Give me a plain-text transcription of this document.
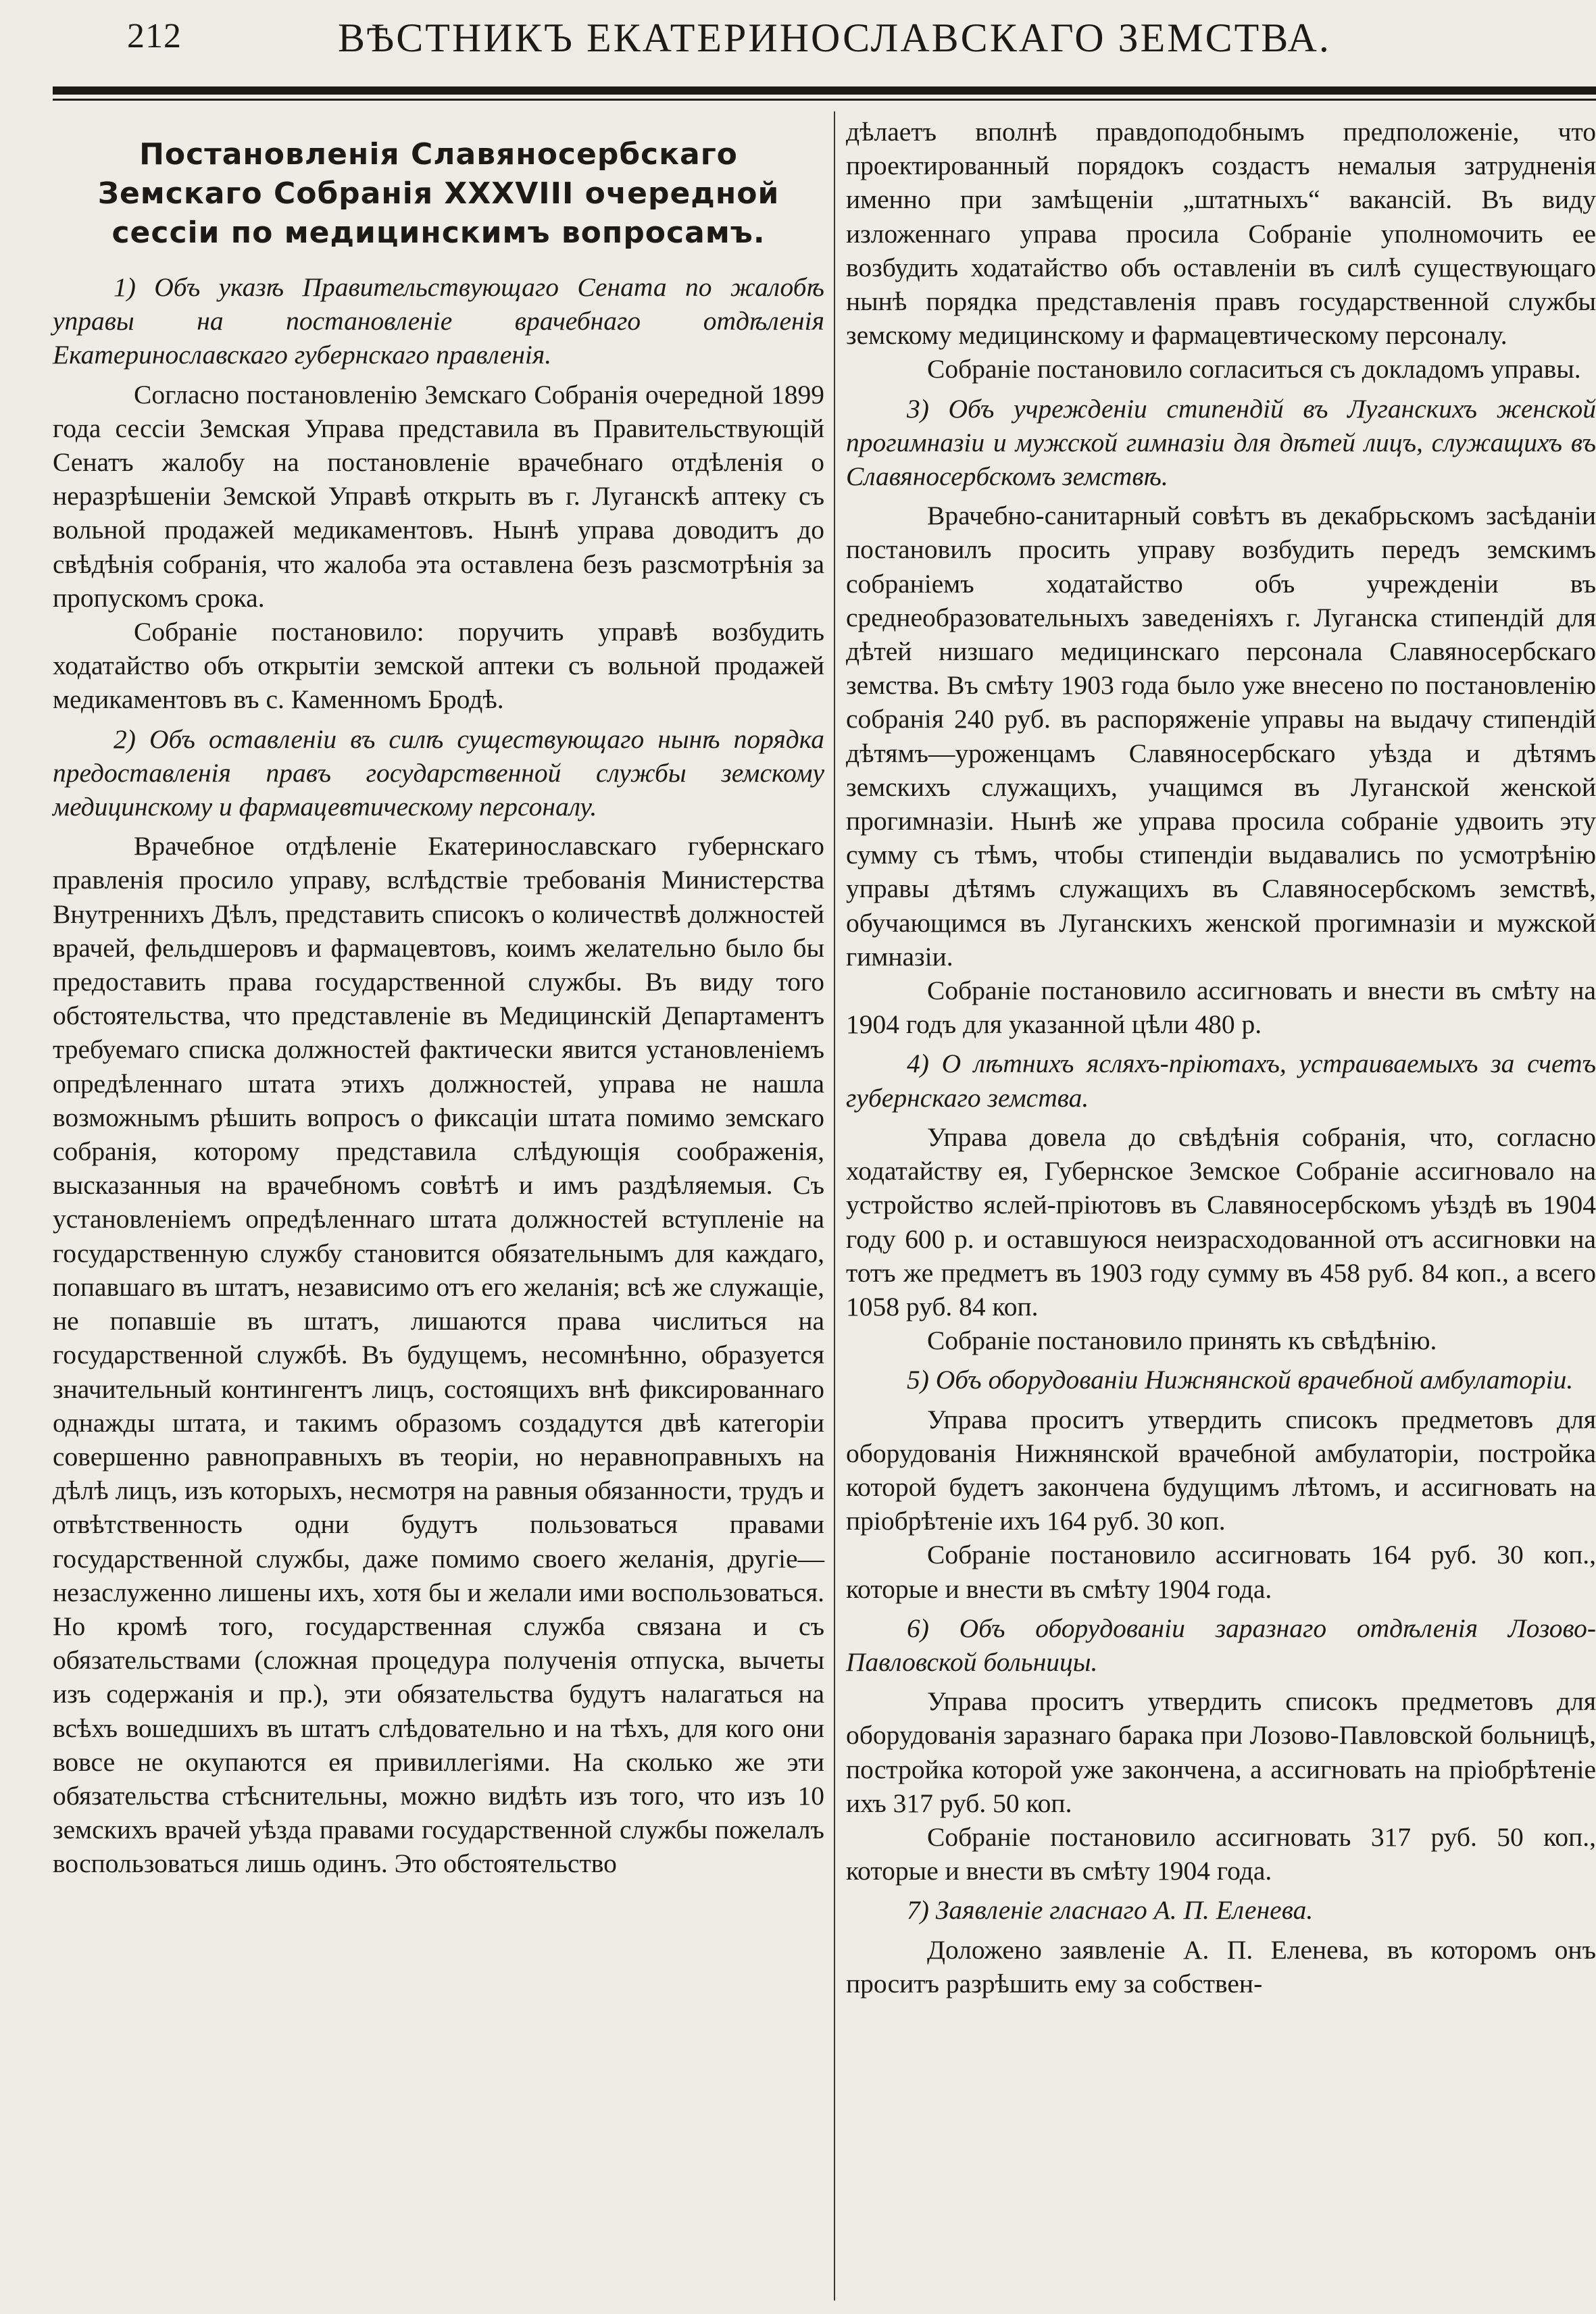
212	ВѢСТНИКЪ ЕКАТЕРИНОСЛАВСКАГО ЗЕМСТВА.
Постановленія Славяносербскаго Земскаго Собранія XXXVIII очередной сессіи по медицинскимъ вопросамъ.

1) Объ указѣ Правительствующаго Сената по жалобѣ управы на постановленіе врачебнаго отдѣленія Екатеринославскаго губернскаго правленія.

Согласно постановленію Земскаго Собранія очередной 1899 года сессіи Земская Управа представила въ Правительствующій Сенатъ жалобу на постановленіе врачебнаго отдѣленія о неразрѣшеніи Земской Управѣ открыть въ г. Луганскѣ аптеку съ вольной продажей медикаментовъ. Нынѣ управа доводитъ до свѣдѣнія собранія, что жалоба эта оставлена безъ разсмотрѣнія за пропускомъ срока.

Собраніе постановило: поручить управѣ возбудить ходатайство объ открытіи земской аптеки съ вольной продажей медикаментовъ въ с. Каменномъ Бродѣ.

2) Объ оставленіи въ силѣ существующаго нынѣ порядка предоставленія правъ государственной службы земскому медицинскому и фармацевтическому персоналу.

Врачебное отдѣленіе Екатеринославскаго губернскаго правленія просило управу, вслѣдствіе требованія Министерства Внутреннихъ Дѣлъ, представить списокъ о количествѣ должностей врачей, фельдшеровъ и фармацевтовъ, коимъ желательно было бы предоставить права государственной службы. Въ виду того обстоятельства, что представленіе въ Медицинскій Департаментъ требуемаго списка должностей фактически явится установленіемъ опредѣленнаго штата этихъ должностей, управа не нашла возможнымъ рѣшить вопросъ о фиксаціи штата помимо земскаго собранія, которому представила слѣдующія соображенія, высказанныя на врачебномъ совѣтѣ и имъ раздѣляемыя. Съ установленіемъ опредѣленнаго штата должностей вступленіе на государственную службу становится обязательнымъ для каждаго, попавшаго въ штатъ, независимо отъ его желанія; всѣ же служащіе, не попавшіе въ штатъ, лишаются права числиться на государственной службѣ. Въ будущемъ, несомнѣнно, образуется значительный контингентъ лицъ, состоящихъ внѣ фиксированнаго однажды штата, и такимъ образомъ создадутся двѣ категоріи совершенно равноправныхъ въ теоріи, но неравноправныхъ на дѣлѣ лицъ, изъ которыхъ, несмотря на равныя обязанности, трудъ и отвѣтственность одни будутъ пользоваться правами государственной службы, даже помимо своего желанія, другіе—незаслуженно лишены ихъ, хотя бы и желали ими воспользоваться. Но кромѣ того, государственная служба связана и съ обязательствами (сложная процедура полученія отпуска, вычеты изъ содержанія и пр.), эти обязательства будутъ налагаться на всѣхъ вошедшихъ въ штатъ слѣдовательно и на тѣхъ, для кого они вовсе не окупаются ея привиллегіями. На сколько же эти обязательства стѣснительны, можно видѣть изъ того, что изъ 10 земскихъ врачей уѣзда правами государственной службы пожелалъ воспользоваться лишь одинъ. Это обстоятельство

дѣлаетъ вполнѣ правдоподобнымъ предположеніе, что проектированный порядокъ создастъ немалыя затрудненія именно при замѣщеніи „штатныхъ“ вакансій. Въ виду изложеннаго управа просила Собраніе уполномочить ее возбудить ходатайство объ оставленіи въ силѣ существующаго нынѣ порядка представленія правъ государственной службы земскому медицинскому и фармацевтическому персоналу.

Собраніе постановило согласиться съ докладомъ управы.

3) Объ учрежденіи стипендій въ Луганскихъ женской прогимназіи и мужской гимназіи для дѣтей лицъ, служащихъ въ Славяносербскомъ земствѣ.

Врачебно-санитарный совѣтъ въ декабрьскомъ засѣданіи постановилъ просить управу возбудить передъ земскимъ собраніемъ ходатайство объ учрежденіи въ среднеобразовательныхъ заведеніяхъ г. Луганска стипендій для дѣтей низшаго медицинскаго персонала Славяносербскаго земства. Въ смѣту 1903 года было уже внесено по постановленію собранія 240 руб. въ распоряженіе управы на выдачу стипендій дѣтямъ—уроженцамъ Славяносербскаго уѣзда и дѣтямъ земскихъ служащихъ, учащимся въ Луганской женской прогимназіи. Нынѣ же управа просила собраніе удвоить эту сумму съ тѣмъ, чтобы стипендіи выдавались по усмотрѣнію управы дѣтямъ служащихъ въ Славяносербскомъ земствѣ, обучающимся въ Луганскихъ женской прогимназіи и мужской гимназіи.

Собраніе постановило ассигновать и внести въ смѣту на 1904 годъ для указанной цѣли 480 р.

4) О лѣтнихъ ясляхъ-пріютахъ, устраиваемыхъ за счетъ губернскаго земства.

Управа довела до свѣдѣнія собранія, что, согласно ходатайству ея, Губернское Земское Собраніе ассигновало на устройство яслей-пріютовъ въ Славяносербскомъ уѣздѣ въ 1904 году 600 р. и оставшуюся неизрасходованной отъ ассигновки на тотъ же предметъ въ 1903 году сумму въ 458 руб. 84 коп., а всего 1058 руб. 84 коп.

Собраніе постановило принять къ свѣдѣнію.

5) Объ оборудованіи Нижнянской врачебной амбулаторіи.

Управа проситъ утвердить списокъ предметовъ для оборудованія Нижнянской врачебной амбулаторіи, постройка которой будетъ закончена будущимъ лѣтомъ, и ассигновать на пріобрѣтеніе ихъ 164 руб. 30 коп.

Собраніе постановило ассигновать 164 руб. 30 коп., которые и внести въ смѣту 1904 года.

6) Объ оборудованіи заразнаго отдѣленія Лозово-Павловской больницы.

Управа проситъ утвердить списокъ предметовъ для оборудованія заразнаго барака при Лозово-Павловской больницѣ, постройка которой уже закончена, а ассигновать на пріобрѣтеніе ихъ 317 руб. 50 коп.

Собраніе постановило ассигновать 317 руб. 50 коп., которые и внести въ смѣту 1904 года.

7) Заявленіе гласнаго А. П. Еленева.

Доложено заявленіе А. П. Еленева, въ которомъ онъ проситъ разрѣшить ему за собствен-
